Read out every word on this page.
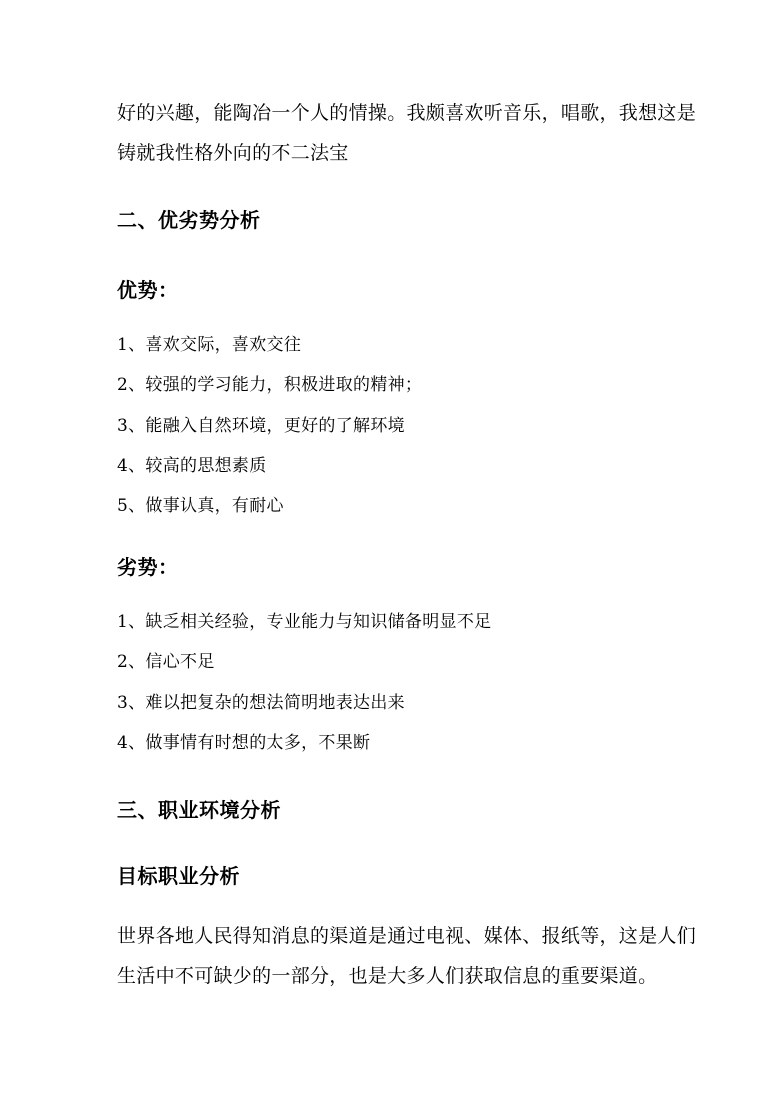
好的兴趣，能陶冶一个人的情操。我颇喜欢听音乐，唱歌，我想这是
铸就我性格外向的不二法宝
二、优劣势分析
优势：
1、喜欢交际，喜欢交往
2、较强的学习能力，积极进取的精神；
3、能融入自然环境，更好的了解环境
4、较高的思想素质
5、做事认真，有耐心
劣势：
1、缺乏相关经验，专业能力与知识储备明显不足
2、信心不足
3、难以把复杂的想法简明地表达出来
4、做事情有时想的太多，不果断
三、职业环境分析
目标职业分析
世界各地人民得知消息的渠道是通过电视、媒体、报纸等，这是人们
生活中不可缺少的一部分，也是大多人们获取信息的重要渠道。
